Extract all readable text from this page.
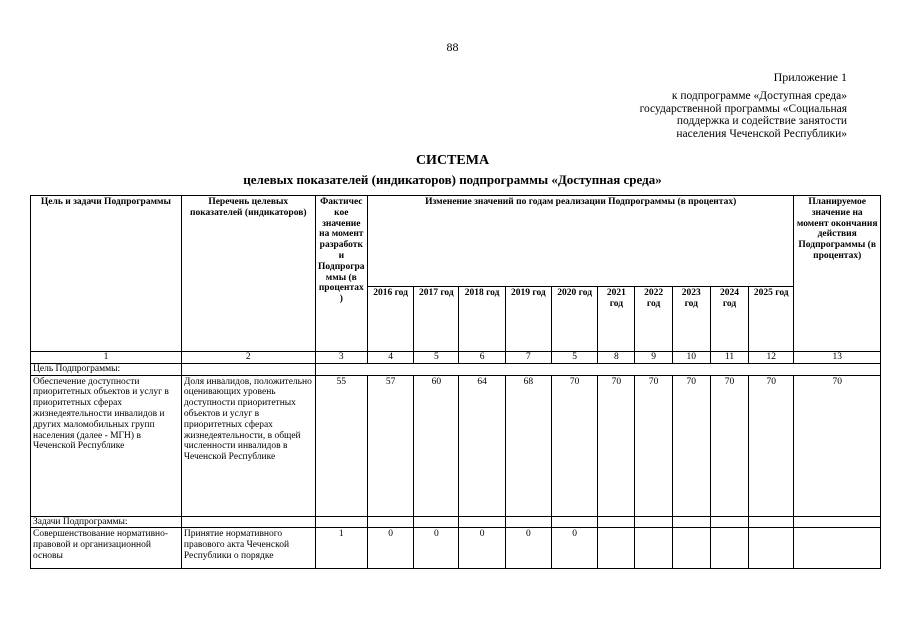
88
Приложение 1
к подпрограмме «Доступная среда»
государственной программы «Социальная
поддержка и содействие занятости
населения Чеченской Республики»
СИСТЕМА
целевых показателей (индикаторов) подпрограммы «Доступная среда»
Цель и задачи Подпрограммы	Перечень целевых показателей (индикаторов)	Фактическое значение на момент разработки Подпрограммы (в процентах)	Изменение значений по годам реализации Подпрограммы (в процентах)										Планируемое значение на момент окончания действия Подпрограммы (в процентах)
			2016 год	2017 год	2018 год	2019 год	2020 год	2021 год	2022 год	2023 год	2024 год	2025 год	
1	2	3	4	5	6	7	5	8	9	10	11	12	13
Цель Подпрограммы:													
Обеспечение доступности приоритетных объектов и услуг в приоритетных сферах жизнедеятельности инвалидов и других маломобильных групп населения (далее - МГН) в Чеченской Республике	Доля инвалидов, положительно оценивающих уровень доступности приоритетных объектов и услуг в приоритетных сферах жизнедеятельности, в общей численности инвалидов в Чеченской Республике	55	57	60	64	68	70	70	70	70	70	70	70
Задачи Подпрограммы:													
Совершенствование нормативно-правовой и организационной основы	Принятие нормативного правового акта Чеченской Республики о порядке	1	0	0	0	0	0						
